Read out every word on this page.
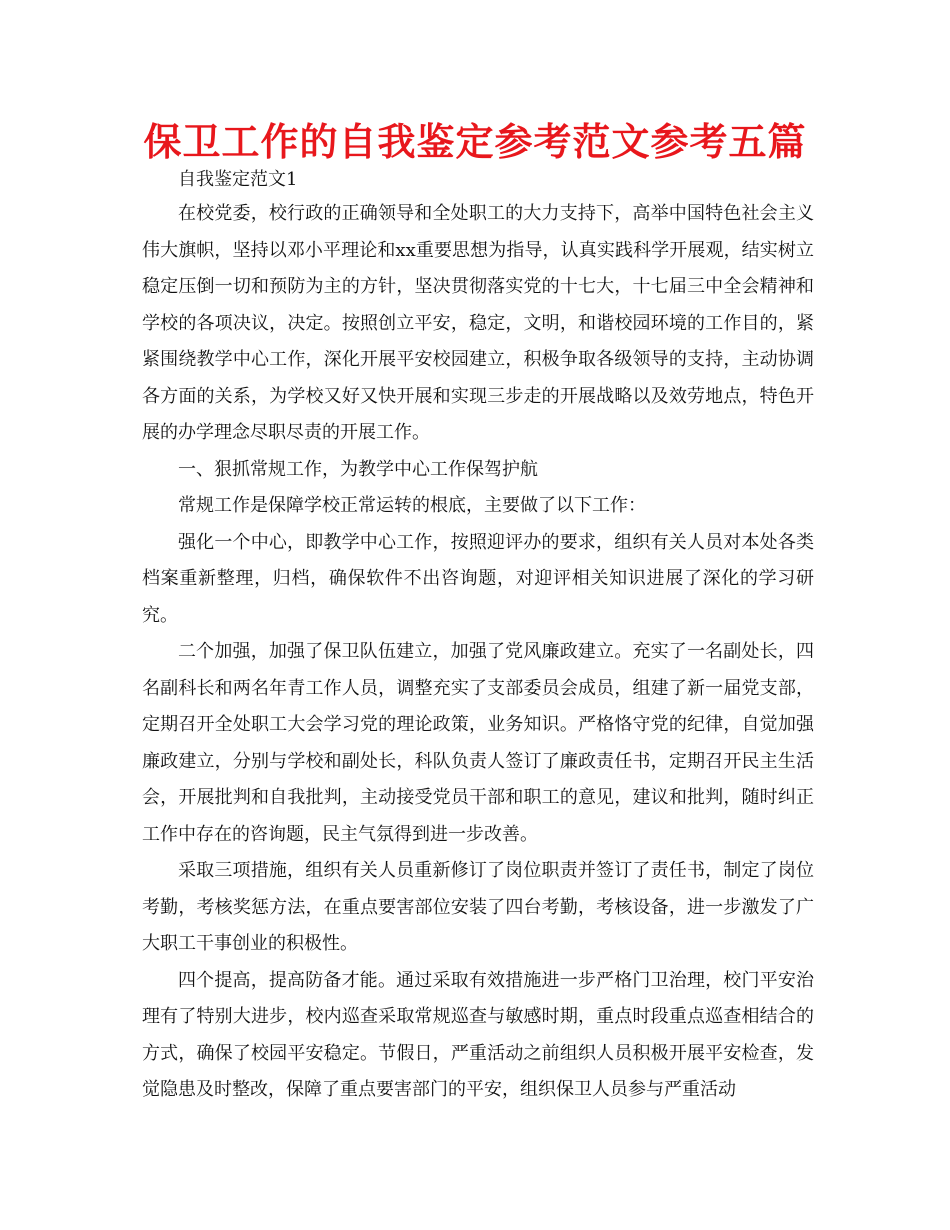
保卫工作的自我鉴定参考范文参考五篇

自我鉴定范文1

在校党委，校行政的正确领导和全处职工的大力支持下，高举中国特色社会主义伟大旗帜，坚持以邓小平理论和xx重要思想为指导，认真实践科学开展观，结实树立稳定压倒一切和预防为主的方针，坚决贯彻落实党的十七大，十七届三中全会精神和学校的各项决议，决定。按照创立平安，稳定，文明，和谐校园环境的工作目的，紧紧围绕教学中心工作，深化开展平安校园建立，积极争取各级领导的支持，主动协调各方面的关系，为学校又好又快开展和实现三步走的开展战略以及效劳地点，特色开展的办学理念尽职尽责的开展工作。

一、狠抓常规工作，为教学中心工作保驾护航

常规工作是保障学校正常运转的根底，主要做了以下工作：

强化一个中心，即教学中心工作，按照迎评办的要求，组织有关人员对本处各类档案重新整理，归档，确保软件不出咨询题，对迎评相关知识进展了深化的学习研究。

二个加强，加强了保卫队伍建立，加强了党风廉政建立。充实了一名副处长，四名副科长和两名年青工作人员，调整充实了支部委员会成员，组建了新一届党支部，定期召开全处职工大会学习党的理论政策，业务知识。严格恪守党的纪律，自觉加强廉政建立，分别与学校和副处长，科队负责人签订了廉政责任书，定期召开民主生活会，开展批判和自我批判，主动接受党员干部和职工的意见，建议和批判，随时纠正工作中存在的咨询题，民主气氛得到进一步改善。

采取三项措施，组织有关人员重新修订了岗位职责并签订了责任书，制定了岗位考勤，考核奖惩方法，在重点要害部位安装了四台考勤，考核设备，进一步激发了广大职工干事创业的积极性。

四个提高，提高防备才能。通过采取有效措施进一步严格门卫治理，校门平安治理有了特别大进步，校内巡查采取常规巡查与敏感时期，重点时段重点巡查相结合的方式，确保了校园平安稳定。节假日，严重活动之前组织人员积极开展平安检查，发觉隐患及时整改，保障了重点要害部门的平安，组织保卫人员参与严重活动
